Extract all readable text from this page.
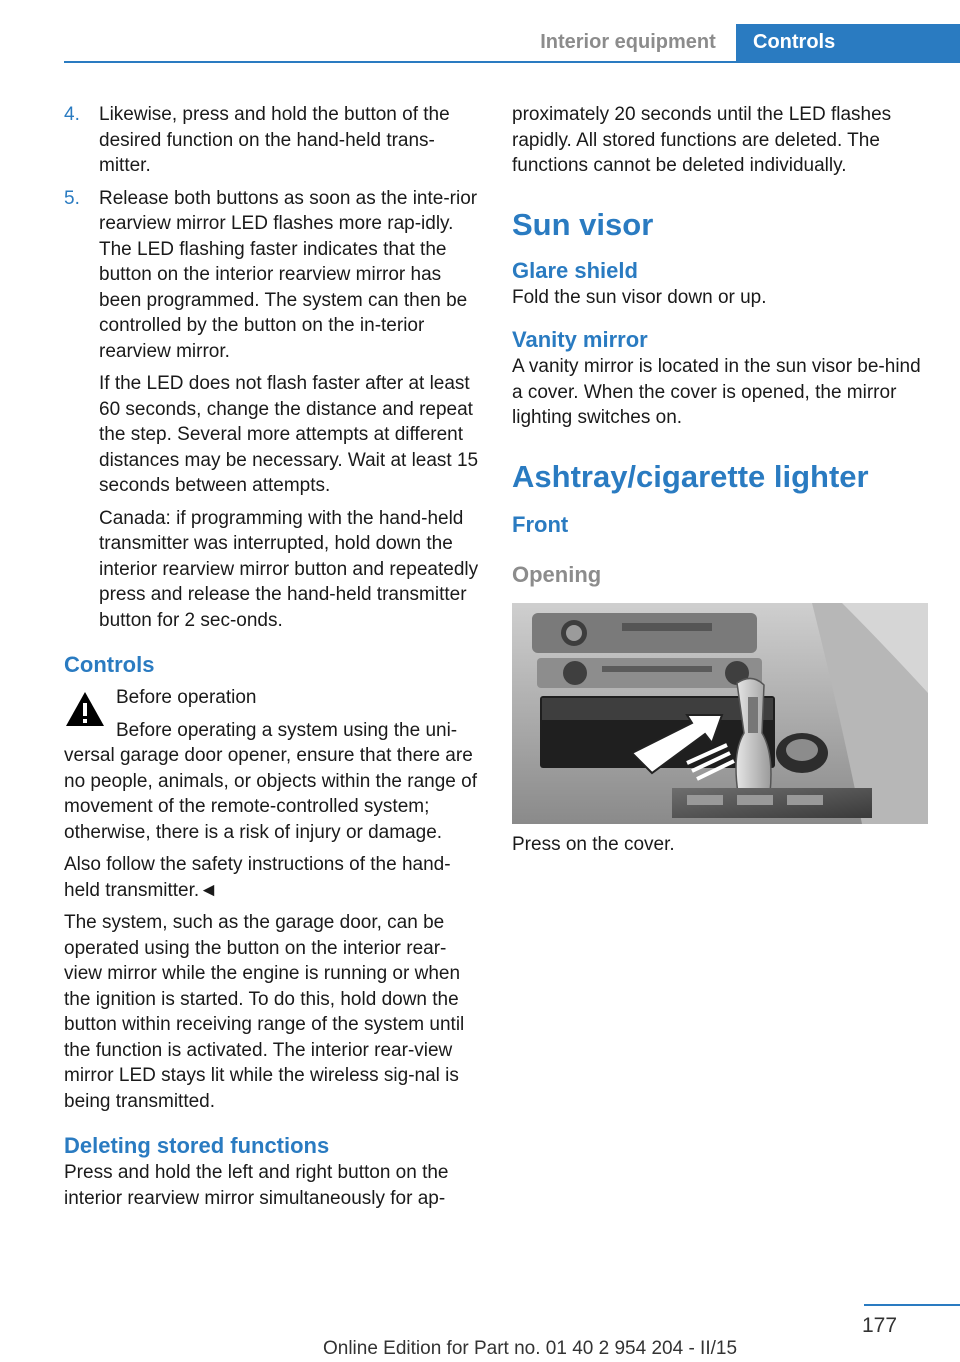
Interior equipment	Controls
4. Likewise, press and hold the button of the desired function on the hand-held trans-mitter.
5. Release both buttons as soon as the inte-rior rearview mirror LED flashes more rap-idly. The LED flashing faster indicates that the button on the interior rearview mirror has been programmed. The system can then be controlled by the button on the in-terior rearview mirror.

If the LED does not flash faster after at least 60 seconds, change the distance and repeat the step. Several more attempts at different distances may be necessary. Wait at least 15 seconds between attempts.

Canada: if programming with the hand-held transmitter was interrupted, hold down the interior rearview mirror button and repeatedly press and release the hand-held transmitter button for 2 sec-onds.

Controls

Before operation

Before operating a system using the uni-versal garage door opener, ensure that there are no people, animals, or objects within the range of movement of the remote-controlled system; otherwise, there is a risk of injury or damage.

Also follow the safety instructions of the hand-held transmitter.◄

The system, such as the garage door, can be operated using the button on the interior rear-view mirror while the engine is running or when the ignition is started. To do this, hold down the button within receiving range of the system until the function is activated. The interior rear-view mirror LED stays lit while the wireless sig-nal is being transmitted.

Deleting stored functions

Press and hold the left and right button on the interior rearview mirror simultaneously for ap-

proximately 20 seconds until the LED flashes rapidly. All stored functions are deleted. The functions cannot be deleted individually.

Sun visor
Glare shield

Fold the sun visor down or up.

Vanity mirror

A vanity mirror is located in the sun visor be-hind a cover. When the cover is opened, the mirror lighting switches on.

Ashtray/cigarette lighter
Front
Opening

Press on the cover.

177
Online Edition for Part no. 01 40 2 954 204 - II/15
